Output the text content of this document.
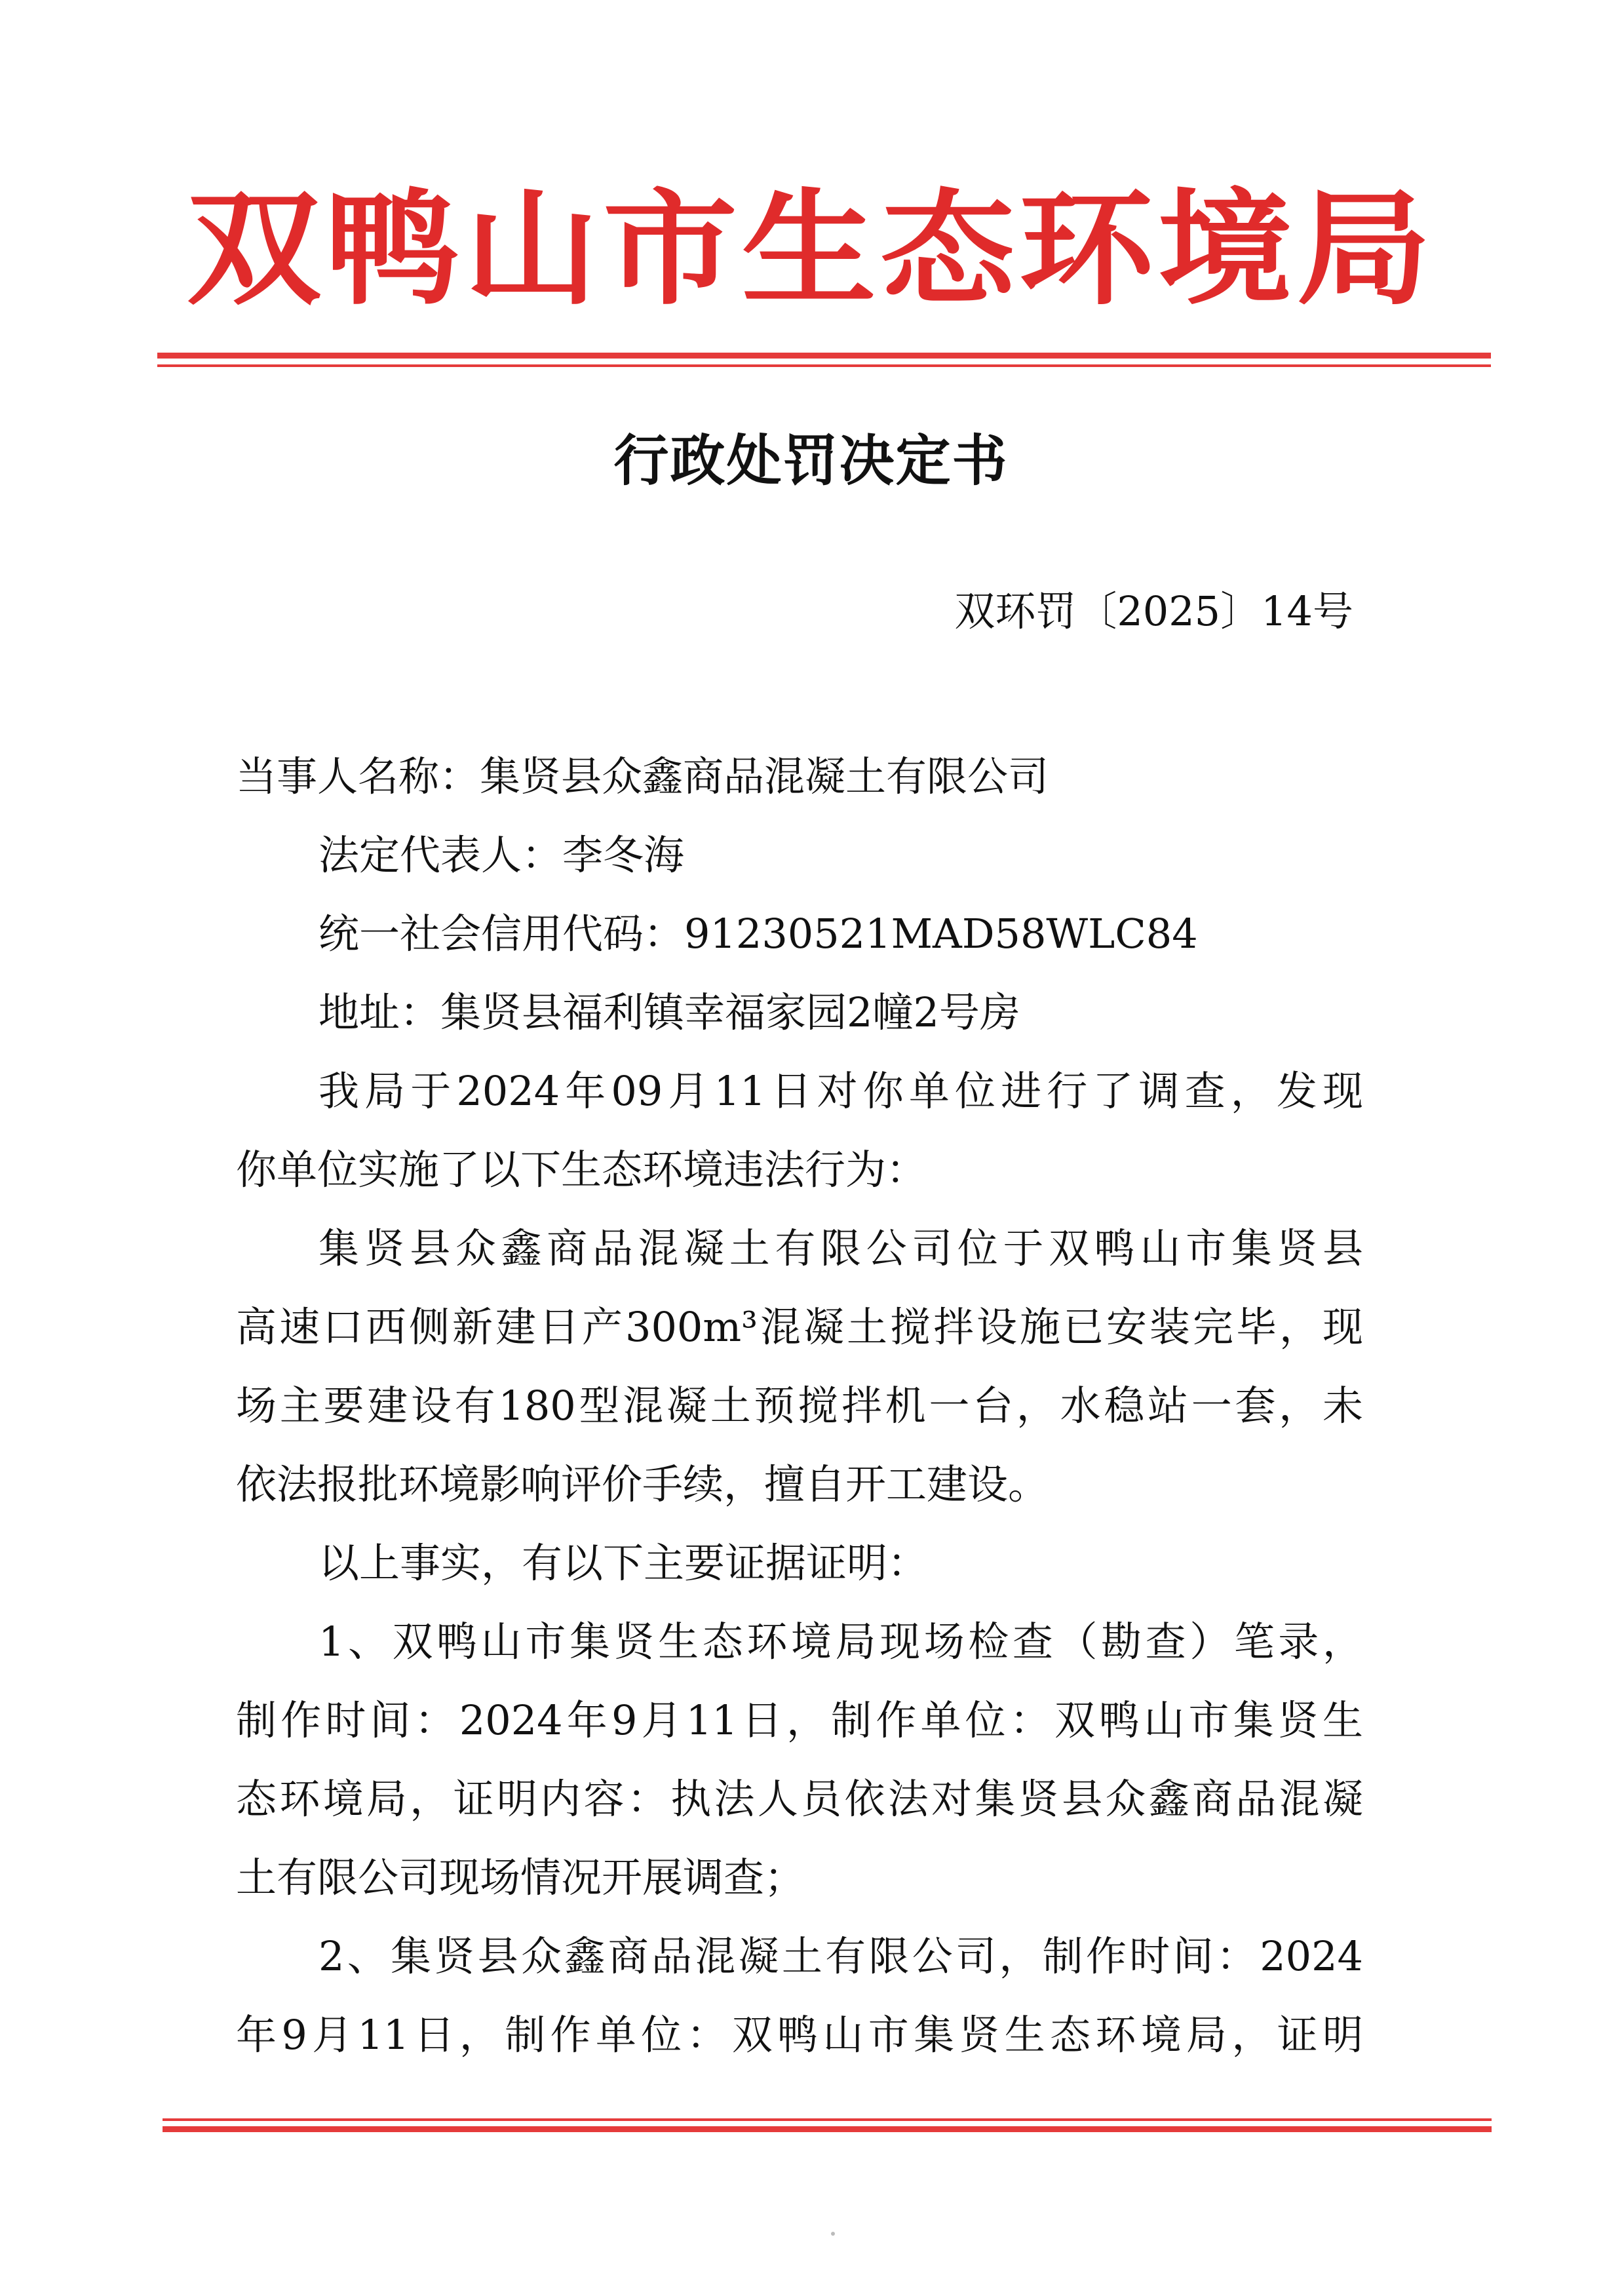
双鸭山市生态环境局
行政处罚决定书
双环罚〔2025〕14号
当事人名称：集贤县众鑫商品混凝土有限公司
法定代表人：李冬海
统一社会信用代码：91230521MAD58WLC84
地址：集贤县福利镇幸福家园2幢2号房
我局于2024年09月11日对你单位进行了调查，发现
你单位实施了以下生态环境违法行为：
集贤县众鑫商品混凝土有限公司位于双鸭山市集贤县
高速口西侧新建日产300m³混凝土搅拌设施已安装完毕，现
场主要建设有180型混凝土预搅拌机一台，水稳站一套，未
依法报批环境影响评价手续，擅自开工建设。
以上事实，有以下主要证据证明：
1、双鸭山市集贤生态环境局现场检查（勘查）笔录，
制作时间：2024年9月11日，制作单位：双鸭山市集贤生
态环境局，证明内容：执法人员依法对集贤县众鑫商品混凝
土有限公司现场情况开展调查；
2、集贤县众鑫商品混凝土有限公司，制作时间：2024
年9月11日，制作单位：双鸭山市集贤生态环境局，证明
